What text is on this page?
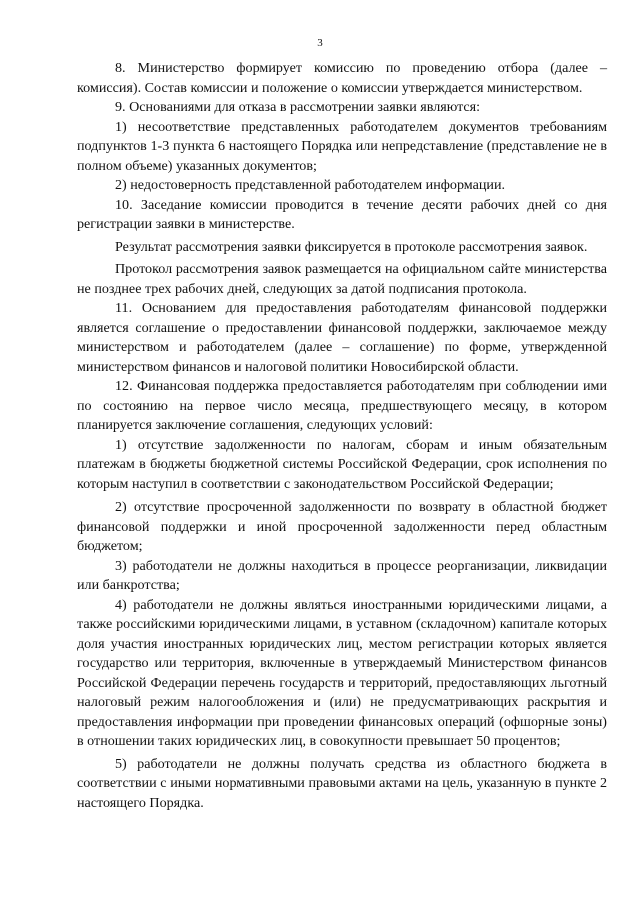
3

8. Министерство формирует комиссию по проведению отбора (далее – комиссия). Состав комиссии и положение о комиссии утверждается министерством.

9. Основаниями для отказа в рассмотрении заявки являются:

1) несоответствие представленных работодателем документов требованиям подпунктов 1-3 пункта 6 настоящего Порядка или непредставление (представление не в полном объеме) указанных документов;

2) недостоверность представленной работодателем информации.

10. Заседание комиссии проводится в течение десяти рабочих дней со дня регистрации заявки в министерстве.

Результат рассмотрения заявки фиксируется в протоколе рассмотрения заявок.

Протокол рассмотрения заявок размещается на официальном сайте министерства не позднее трех рабочих дней, следующих за датой подписания протокола.

11. Основанием для предоставления работодателям финансовой поддержки является соглашение о предоставлении финансовой поддержки, заключаемое между министерством и работодателем (далее – соглашение) по форме, утвержденной министерством финансов и налоговой политики Новосибирской области.

12. Финансовая поддержка предоставляется работодателям при соблюдении ими по состоянию на первое число месяца, предшествующего месяцу, в котором планируется заключение соглашения, следующих условий:

1) отсутствие задолженности по налогам, сборам и иным обязательным платежам в бюджеты бюджетной системы Российской Федерации, срок исполнения по которым наступил в соответствии с законодательством Российской Федерации;

2) отсутствие просроченной задолженности по возврату в областной бюджет финансовой поддержки и иной просроченной задолженности перед областным бюджетом;

3) работодатели не должны находиться в процессе реорганизации, ликвидации или банкротства;

4) работодатели не должны являться иностранными юридическими лицами, а также российскими юридическими лицами, в уставном (складочном) капитале которых доля участия иностранных юридических лиц, местом регистрации которых является государство или территория, включенные в утверждаемый Министерством финансов Российской Федерации перечень государств и территорий, предоставляющих льготный налоговый режим налогообложения и (или) не предусматривающих раскрытия и предоставления информации при проведении финансовых операций (офшорные зоны) в отношении таких юридических лиц, в совокупности превышает 50 процентов;

5) работодатели не должны получать средства из областного бюджета в соответствии с иными нормативными правовыми актами на цель, указанную в пункте 2 настоящего Порядка.
